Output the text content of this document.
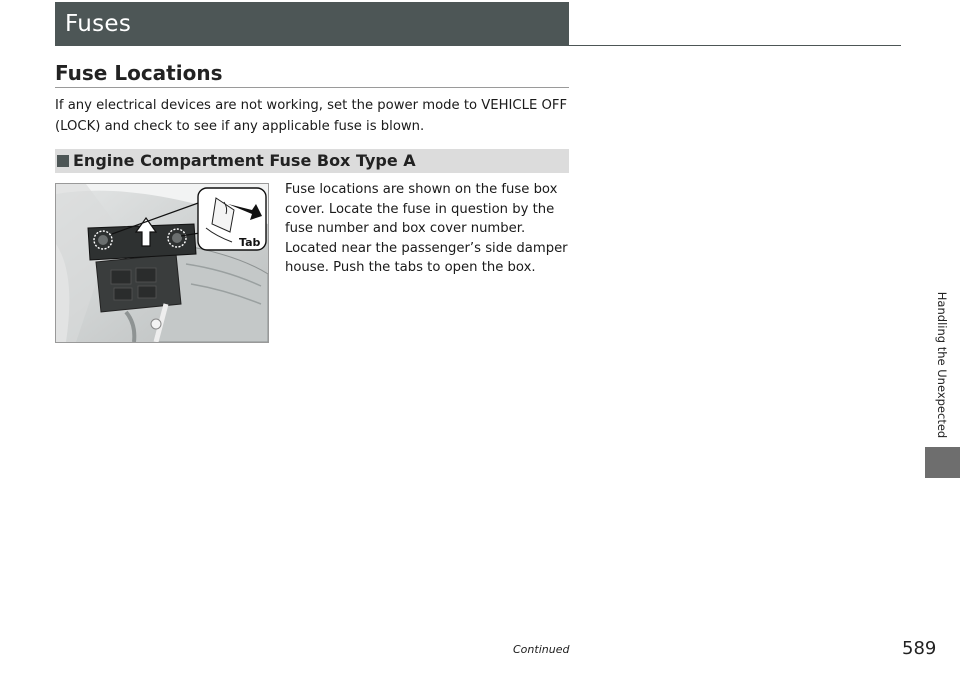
Fuses
Fuse Locations
If any electrical devices are not working, set the power mode to VEHICLE OFF (LOCK) and check to see if any applicable fuse is blown.
Engine Compartment Fuse Box Type A
Tab

Fuse locations are shown on the fuse box cover. Locate the fuse in question by the fuse number and box cover number.

Located near the passenger’s side damper house. Push the tabs to open the box.

Handling the Unexpected
Continued	589
